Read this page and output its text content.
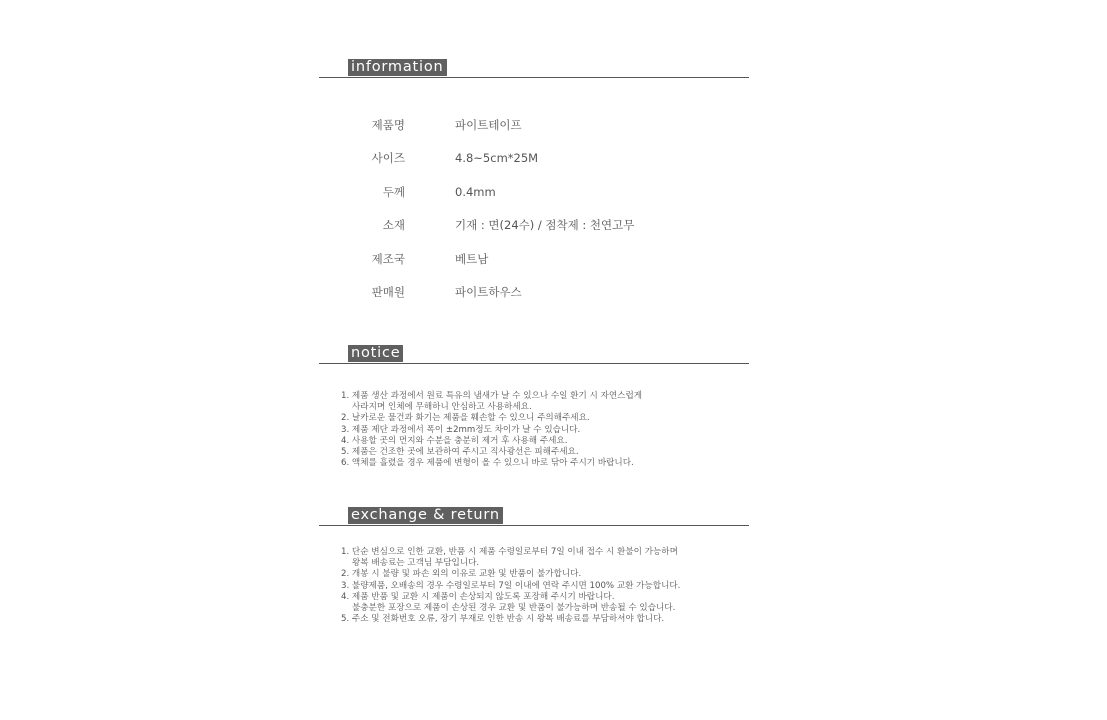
information
제품명	파이트테이프
사이즈	4.8~5cm*25M
두께	0.4mm
소재	기재 : 면(24수) / 점착제 : 천연고무
제조국	베트남
판매원	파이트하우스
notice
1. 제품 생산 과정에서 원료 특유의 냄새가 날 수 있으나 수일 환기 시 자연스럽게
사라지며 인체에 무해하니 안심하고 사용하세요.
2. 날카로운 물건과 화기는 제품을 훼손할 수 있으니 주의해주세요.
3. 제품 제단 과정에서 폭이 ±2mm정도 차이가 날 수 있습니다.
4. 사용할 곳의 먼지와 수분을 충분히 제거 후 사용해 주세요.
5. 제품은 건조한 곳에 보관하여 주시고 직사광선은 피해주세요.
6. 액체를 흘렸을 경우 제품에 변형이 올 수 있으니 바로 닦아 주시기 바랍니다.
exchange & return
1. 단순 변심으로 인한 교환, 반품 시 제품 수령일로부터 7일 이내 접수 시 환불이 가능하며
왕복 배송료는 고객님 부담입니다.
2. 개봉 시 불량 및 파손 외의 이유로 교환 및 반품이 불가합니다.
3. 불량제품, 오배송의 경우 수령일로부터 7일 이내에 연락 주시면 100% 교환 가능합니다.
4. 제품 반품 및 교환 시 제품이 손상되지 않도록 포장해 주시기 바랍니다.
불충분한 포장으로 제품이 손상된 경우 교환 및 반품이 불가능하며 반송될 수 있습니다.
5. 주소 및 전화번호 오류, 장기 부재로 인한 반송 시 왕복 배송료를 부담하셔야 합니다.
